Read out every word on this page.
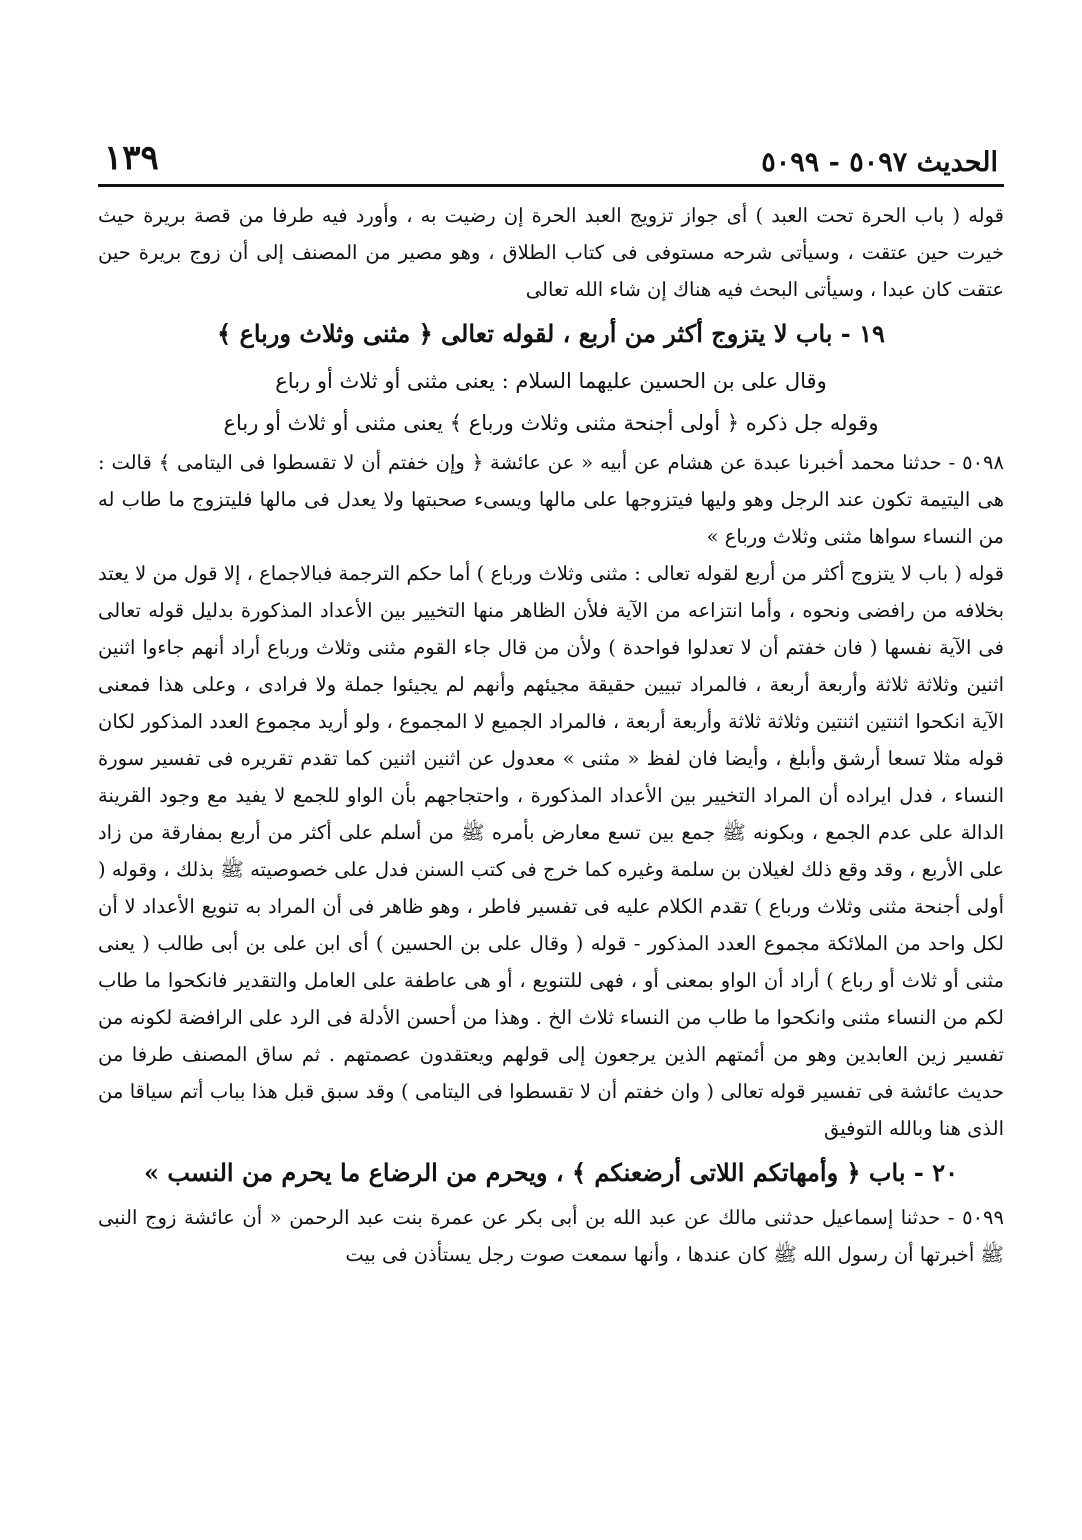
الحديث ٥٠٩٧ - ٥٠٩٩
١٣٩

قوله ( باب الحرة تحت العبد ) أى جواز تزويج العبد الحرة إن رضيت به ، وأورد فيه طرفا من قصة بريرة حيث خيرت حين عتقت ، وسيأتى شرحه مستوفى فى كتاب الطلاق ، وهو مصير من المصنف إلى أن زوج بريرة حين عتقت كان عبدا ، وسيأتى البحث فيه هناك إن شاء الله تعالى

١٩ - باب لا يتزوج أكثر من أربع ، لقوله تعالى ﴿ مثنى وثلاث ورباع ﴾

وقال على بن الحسين عليهما السلام : يعنى مثنى أو ثلاث أو رباع

وقوله جل ذكره ﴿ أولى أجنحة مثنى وثلاث ورباع ﴾ يعنى مثنى أو ثلاث أو رباع

٥٠٩٨ - حدثنا محمد أخبرنا عبدة عن هشام عن أبيه « عن عائشة ﴿ وإن خفتم أن لا تقسطوا فى اليتامى ﴾ قالت : هى اليتيمة تكون عند الرجل وهو وليها فيتزوجها على مالها ويسىء صحبتها ولا يعدل فى مالها فليتزوج ما طاب له من النساء سواها مثنى وثلاث ورباع »

قوله ( باب لا يتزوج أكثر من أربع لقوله تعالى : مثنى وثلاث ورباع ) أما حكم الترجمة فبالاجماع ، إلا قول من لا يعتد بخلافه من رافضى ونحوه ، وأما انتزاعه من الآية فلأن الظاهر منها التخيير بين الأعداد المذكورة بدليل قوله تعالى فى الآية نفسها ( فان خفتم أن لا تعدلوا فواحدة ) ولأن من قال جاء القوم مثنى وثلاث ورباع أراد أنهم جاءوا اثنين اثنين وثلاثة ثلاثة وأربعة أربعة ، فالمراد تبيين حقيقة مجيئهم وأنهم لم يجيئوا جملة ولا فرادى ، وعلى هذا فمعنى الآية انكحوا اثنتين اثنتين وثلاثة ثلاثة وأربعة أربعة ، فالمراد الجميع لا المجموع ، ولو أريد مجموع العدد المذكور لكان قوله مثلا تسعا أرشق وأبلغ ، وأيضا فان لفظ « مثنى » معدول عن اثنين اثنين كما تقدم تقريره فى تفسير سورة النساء ، فدل ايراده أن المراد التخيير بين الأعداد المذكورة ، واحتجاجهم بأن الواو للجمع لا يفيد مع وجود القرينة الدالة على عدم الجمع ، وبكونه ﷺ جمع بين تسع معارض بأمره ﷺ من أسلم على أكثر من أربع بمفارقة من زاد على الأربع ، وقد وقع ذلك لغيلان بن سلمة وغيره كما خرج فى كتب السنن فدل على خصوصيته ﷺ بذلك ، وقوله ( أولى أجنحة مثنى وثلاث ورباع ) تقدم الكلام عليه فى تفسير فاطر ، وهو ظاهر فى أن المراد به تنويع الأعداد لا أن لكل واحد من الملائكة مجموع العدد المذكور - قوله ( وقال على بن الحسين ) أى ابن على بن أبى طالب ( يعنى مثنى أو ثلاث أو رباع ) أراد أن الواو بمعنى أو ، فهى للتنويع ، أو هى عاطفة على العامل والتقدير فانكحوا ما طاب لكم من النساء مثنى وانكحوا ما طاب من النساء ثلاث الخ . وهذا من أحسن الأدلة فى الرد على الرافضة لكونه من تفسير زين العابدين وهو من أئمتهم الذين يرجعون إلى قولهم ويعتقدون عصمتهم . ثم ساق المصنف طرفا من حديث عائشة فى تفسير قوله تعالى ( وان خفتم أن لا تقسطوا فى اليتامى ) وقد سبق قبل هذا بباب أتم سياقا من الذى هنا وبالله التوفيق

٢٠ - باب ﴿ وأمهاتكم اللاتى أرضعنكم ﴾ ، ويحرم من الرضاع ما يحرم من النسب »

٥٠٩٩ - حدثنا إسماعيل حدثنى مالك عن عبد الله بن أبى بكر عن عمرة بنت عبد الرحمن « أن عائشة زوج النبى ﷺ أخبرتها أن رسول الله ﷺ كان عندها ، وأنها سمعت صوت رجل يستأذن فى بيت
